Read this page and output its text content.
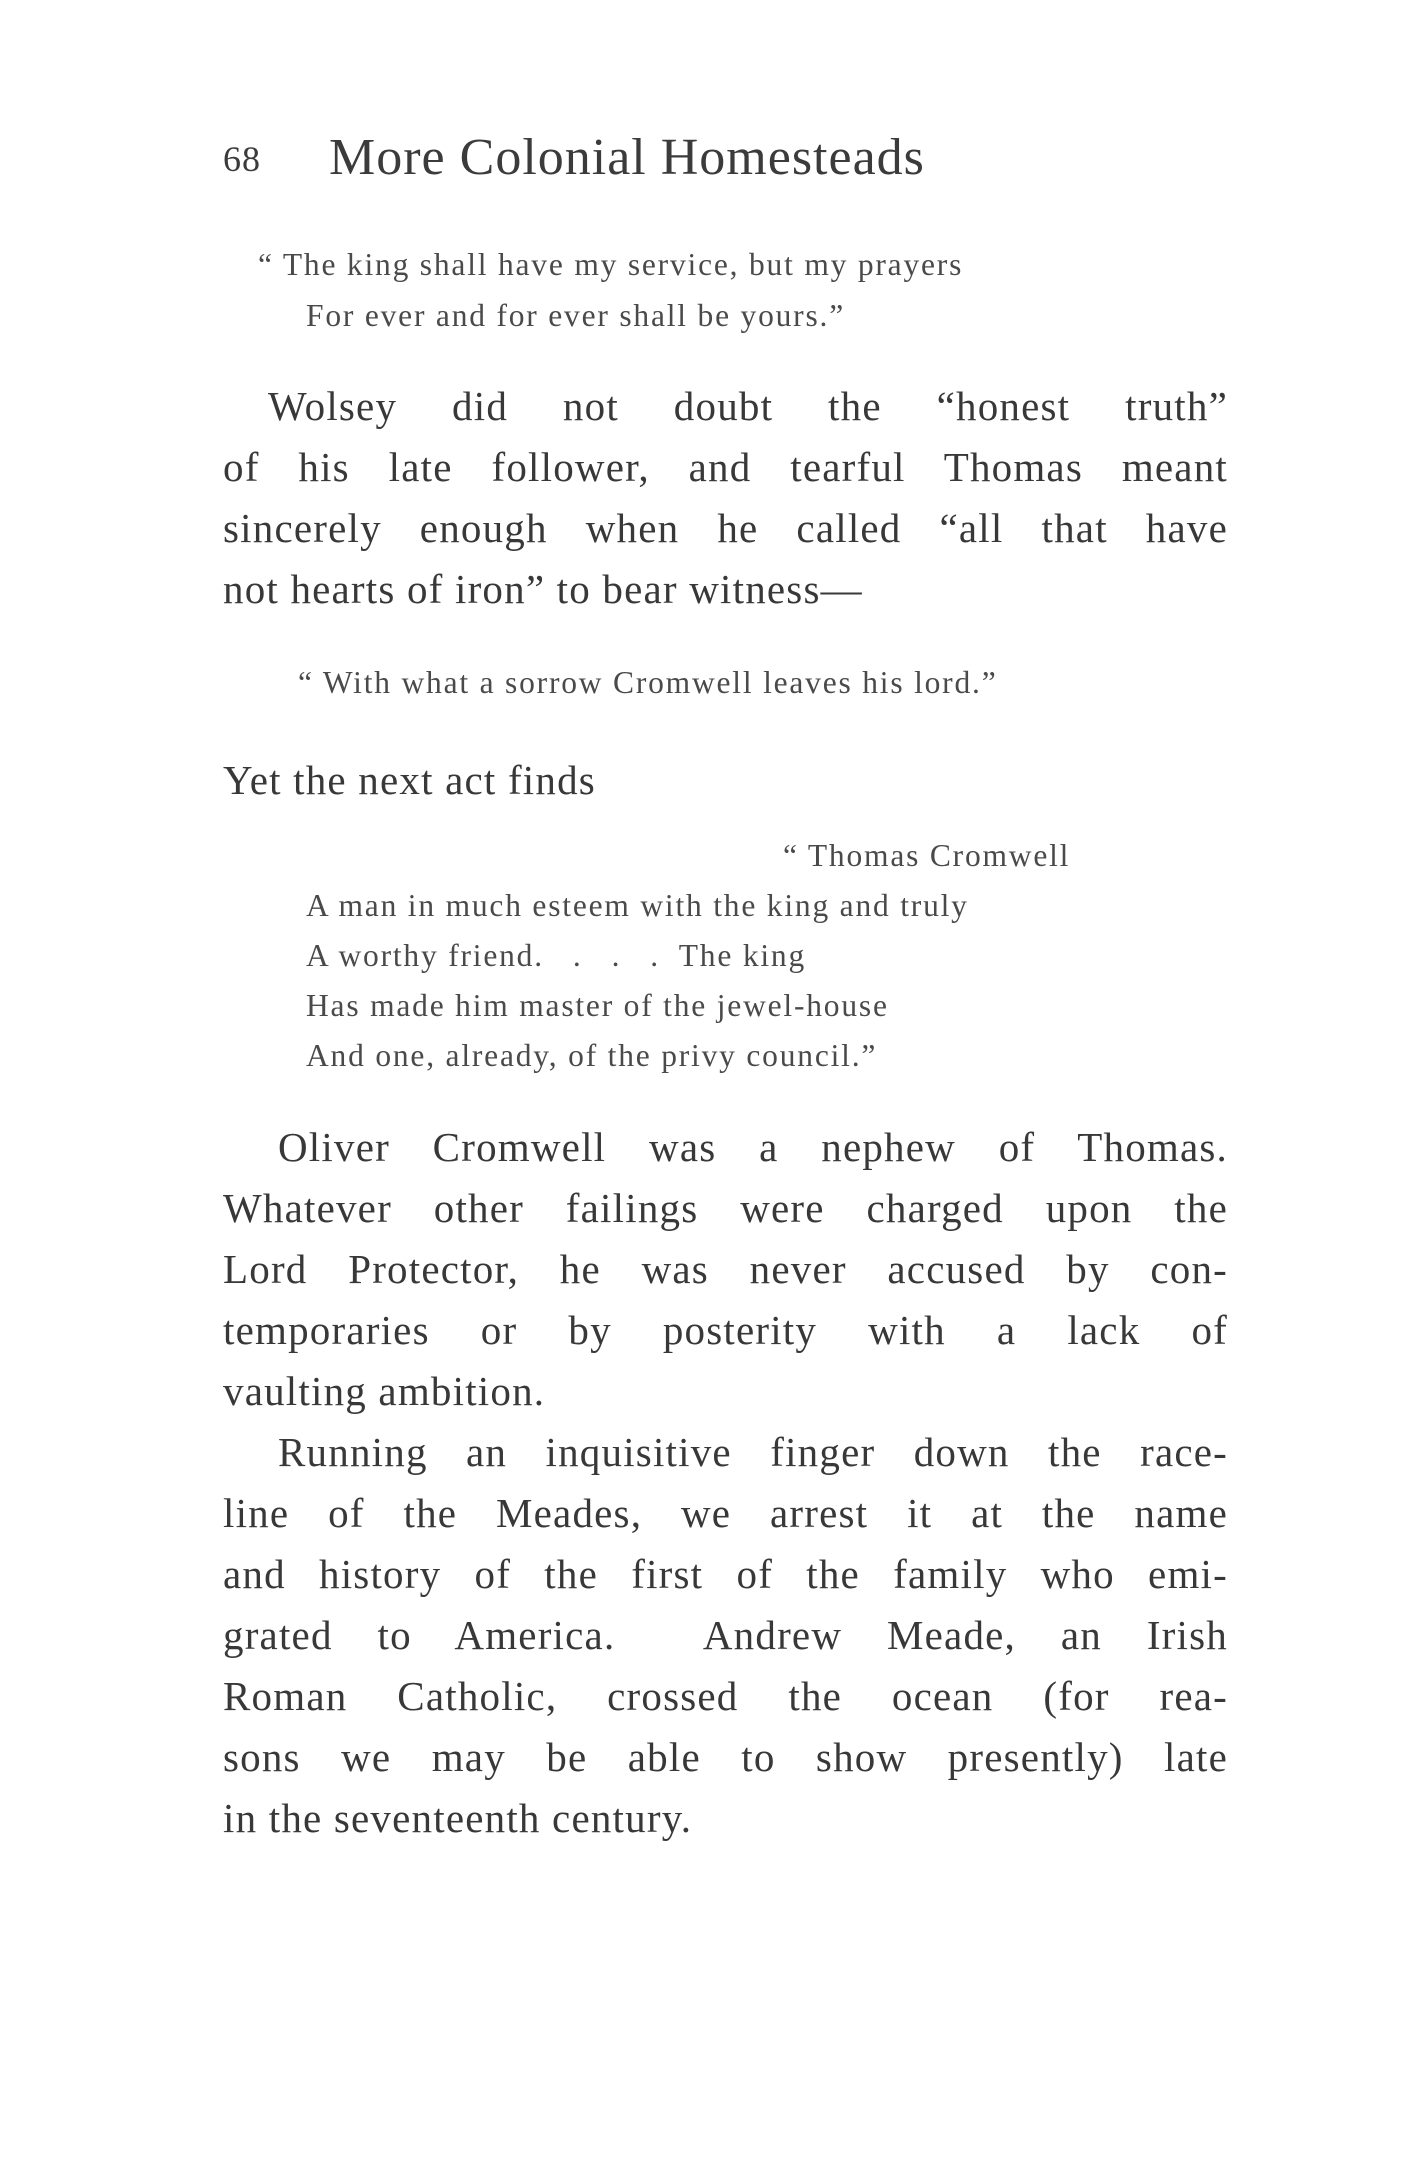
68 More Colonial Homesteads
“ The king shall have my service, but my prayers
For ever and for ever shall be yours.”
Wolsey did not doubt the “honest truth”
of his late follower, and tearful Thomas meant
sincerely enough when he called “all that have
not hearts of iron” to bear witness—
“ With what a sorrow Cromwell leaves his lord.”
Yet the next act finds
“ Thomas Cromwell
A man in much esteem with the king and truly
A worthy friend.   .   .   .  The king
Has made him master of the jewel-house
And one, already, of the privy council.”
Oliver Cromwell was a nephew of Thomas.
Whatever other failings were charged upon the
Lord Protector, he was never accused by con-
temporaries or by posterity with a lack of
vaulting ambition.
Running an inquisitive finger down the race-
line of the Meades, we arrest it at the name
and history of the first of the family who emi-
grated to America.  Andrew Meade, an Irish
Roman Catholic, crossed the ocean (for rea-
sons we may be able to show presently) late
in the seventeenth century.
